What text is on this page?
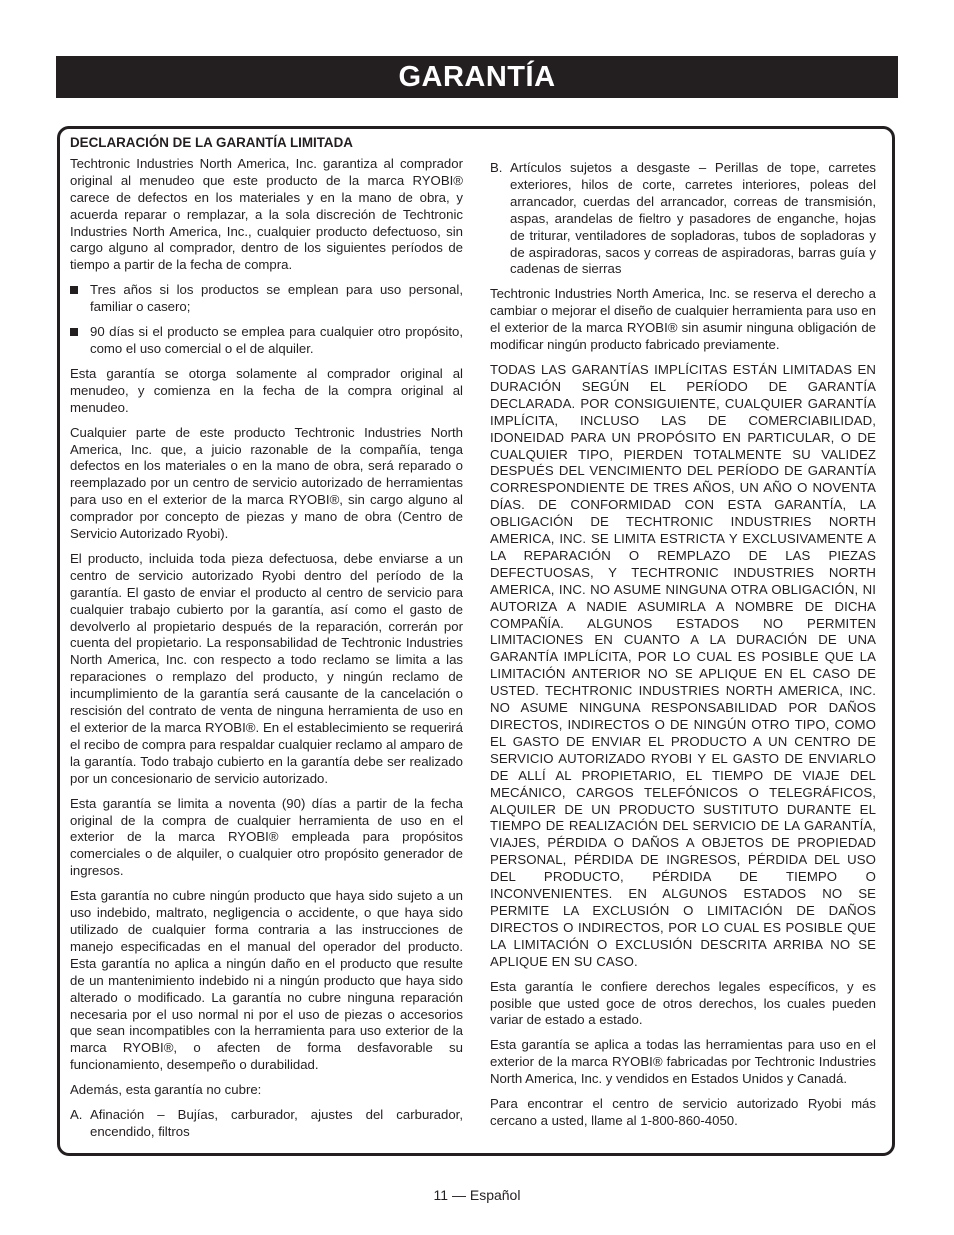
GARANTÍA

DECLARACIÓN DE LA GARANTÍA LIMITADA

Techtronic Industries North America, Inc. garantiza al comprador original al menudeo que este producto de la marca RYOBI® carece de defectos en los materiales y en la mano de obra, y acuerda reparar o remplazar, a la sola discreción de Techtronic Industries North America, Inc., cualquier producto defectuoso, sin cargo alguno al comprador, dentro de los siguientes períodos de tiempo a partir de la fecha de compra.

Tres años si los productos se emplean para uso personal, familiar o casero;

90 días si el producto se emplea para cualquier otro propósito, como el uso comercial o el de alquiler.

Esta garantía se otorga solamente al comprador original al menudeo, y comienza en la fecha de la compra original al menudeo.

Cualquier parte de este producto Techtronic Industries North America, Inc. que, a juicio razonable de la compañía, tenga defectos en los materiales o en la mano de obra, será reparado o reemplazado por un centro de servicio autorizado de herramientas para uso en el exterior de la marca RYOBI®, sin cargo alguno al comprador por concepto de piezas y mano de obra (Centro de Servicio Autorizado Ryobi).

El producto, incluida toda pieza defectuosa, debe enviarse a un centro de servicio autorizado Ryobi dentro del período de la garantía. El gasto de enviar el producto al centro de servicio para cualquier trabajo cubierto por la garantía, así como el gasto de devolverlo al propietario después de la reparación, correrán por cuenta del propietario. La responsabilidad de Techtronic Industries North America, Inc. con respecto a todo reclamo se limita a las reparaciones o remplazo del producto, y ningún reclamo de incumplimiento de la garantía será causante de la cancelación o rescisión del contrato de venta de ninguna herramienta de uso en el exterior de la marca RYOBI®. En el establecimiento se requerirá el recibo de compra para respaldar cualquier reclamo al amparo de la garantía. Todo trabajo cubierto en la garantía debe ser realizado por un concesionario de servicio autorizado.

Esta garantía se limita a noventa (90) días a partir de la fecha original de la compra de cualquier herramienta de uso en el exterior de la marca RYOBI® empleada para propósitos comerciales o de alquiler, o cualquier otro propósito generador de ingresos.

Esta garantía no cubre ningún producto que haya sido sujeto a un uso indebido, maltrato, negligencia o accidente, o que haya sido utilizado de cualquier forma contraria a las instrucciones de manejo especificadas en el manual del operador del producto. Esta garantía no aplica a ningún daño en el producto que resulte de un mantenimiento indebido ni a ningún producto que haya sido alterado o modificado. La garantía no cubre ninguna reparación necesaria por el uso normal ni por el uso de piezas o accesorios que sean incompatibles con la herramienta para uso exterior de la marca RYOBI®, o afecten de forma desfavorable su funcionamiento, desempeño o durabilidad.

Además, esta garantía no cubre:

A. Afinación – Bujías, carburador, ajustes del carburador, encendido, filtros

B. Artículos sujetos a desgaste – Perillas de tope, carretes exteriores, hilos de corte, carretes interiores, poleas del arrancador, cuerdas del arrancador, correas de transmisión, aspas, arandelas de fieltro y pasadores de enganche, hojas de triturar, ventiladores de sopladoras, tubos de sopladoras y de aspiradoras, sacos y correas de aspiradoras, barras guía y cadenas de sierras

Techtronic Industries North America, Inc. se reserva el derecho a cambiar o mejorar el diseño de cualquier herramienta para uso en el exterior de la marca RYOBI® sin asumir ninguna obligación de modificar ningún producto fabricado previamente.

TODAS LAS GARANTÍAS IMPLÍCITAS ESTÁN LIMITADAS EN DURACIÓN SEGÚN EL PERÍODO DE GARANTÍA DECLARADA. POR CONSIGUIENTE, CUALQUIER GARANTÍA IMPLÍCITA, INCLUSO LAS DE COMERCIABILIDAD, IDONEIDAD PARA UN PROPÓSITO EN PARTICULAR, O DE CUALQUIER TIPO, PIERDEN TOTALMENTE SU VALIDEZ DESPUÉS DEL VENCIMIENTO DEL PERÍODO DE GARANTÍA CORRESPONDIENTE DE TRES AÑOS, UN AÑO O NOVENTA DÍAS. DE CONFORMIDAD CON ESTA GARANTÍA, LA OBLIGACIÓN DE TECHTRONIC INDUSTRIES NORTH AMERICA, INC. SE LIMITA ESTRICTA Y EXCLUSIVAMENTE A LA REPARACIÓN O REMPLAZO DE LAS PIEZAS DEFECTUOSAS, Y TECHTRONIC INDUSTRIES NORTH AMERICA, INC. NO ASUME NINGUNA OTRA OBLIGACIÓN, NI AUTORIZA A NADIE ASUMIRLA A NOMBRE DE DICHA COMPAÑÍA. ALGUNOS ESTADOS NO PERMITEN LIMITACIONES EN CUANTO A LA DURACIÓN DE UNA GARANTÍA IMPLÍCITA, POR LO CUAL ES POSIBLE QUE LA LIMITACIÓN ANTERIOR NO SE APLIQUE EN EL CASO DE USTED. TECHTRONIC INDUSTRIES NORTH AMERICA, INC. NO ASUME NINGUNA RESPONSABILIDAD POR DAÑOS DIRECTOS, INDIRECTOS O DE NINGÚN OTRO TIPO, COMO EL GASTO DE ENVIAR EL PRODUCTO A UN CENTRO DE SERVICIO AUTORIZADO RYOBI Y EL GASTO DE ENVIARLO DE ALLÍ AL PROPIETARIO, EL TIEMPO DE VIAJE DEL MECÁNICO, CARGOS TELEFÓNICOS O TELEGRÁFICOS, ALQUILER DE UN PRODUCTO SUSTITUTO DURANTE EL TIEMPO DE REALIZACIÓN DEL SERVICIO DE LA GARANTÍA, VIAJES, PÉRDIDA O DAÑOS A OBJETOS DE PROPIEDAD PERSONAL, PÉRDIDA DE INGRESOS, PÉRDIDA DEL USO DEL PRODUCTO, PÉRDIDA DE TIEMPO O INCONVENIENTES. EN ALGUNOS ESTADOS NO SE PERMITE LA EXCLUSIÓN O LIMITACIÓN DE DAÑOS DIRECTOS O INDIRECTOS, POR LO CUAL ES POSIBLE QUE LA LIMITACIÓN O EXCLUSIÓN DESCRITA ARRIBA NO SE APLIQUE EN SU CASO.

Esta garantía le confiere derechos legales específicos, y es posible que usted goce de otros derechos, los cuales pueden variar de estado a estado.

Esta garantía se aplica a todas las herramientas para uso en el exterior de la marca RYOBI® fabricadas por Techtronic Industries North America, Inc. y vendidos en Estados Unidos y Canadá.

Para encontrar el centro de servicio autorizado Ryobi más cercano a usted, llame al 1-800-860-4050.

11 — Español
